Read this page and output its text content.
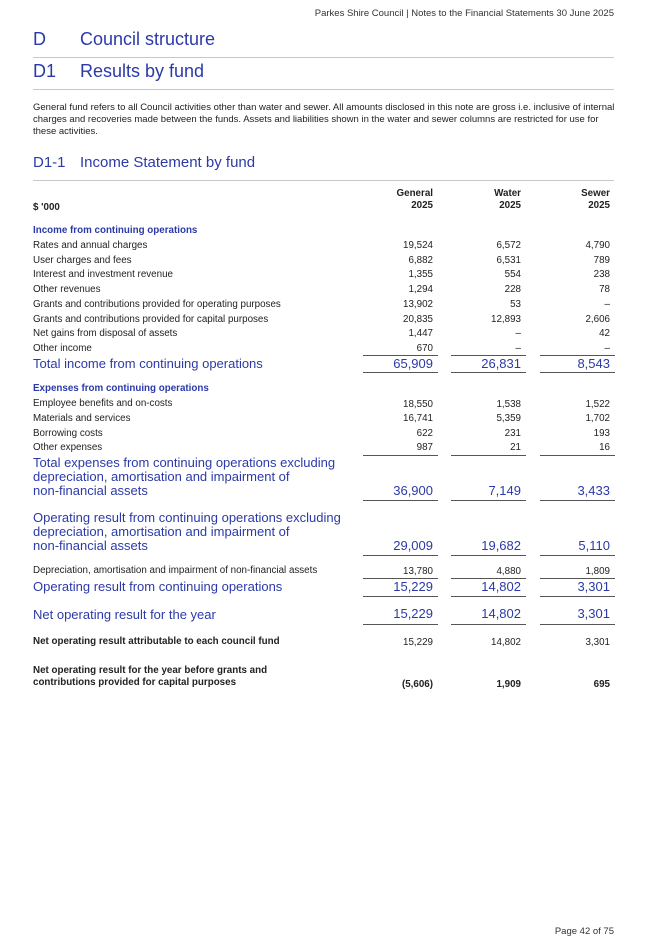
Parkes Shire Council | Notes to the Financial Statements 30 June 2025
D Council structure
D1 Results by fund
General fund refers to all Council activities other than water and sewer. All amounts disclosed in this note are gross i.e. inclusive of internal charges and recoveries made between the funds. Assets and liabilities shown in the water and sewer columns are restricted for use for these activities.
D1-1 Income Statement by fund
$ '000
General
2025
Water
2025
Sewer
2025
Income from continuing operations
Rates and annual charges	19,524	6,572	4,790
User charges and fees	6,882	6,531	789
Interest and investment revenue	1,355	554	238
Other revenues	1,294	228	78
Grants and contributions provided for operating purposes	13,902	53	–
Grants and contributions provided for capital purposes	20,835	12,893	2,606
Net gains from disposal of assets	1,447	–	42
Other income	670	–	–
Total income from continuing operations	65,909	26,831	8,543
Expenses from continuing operations
Employee benefits and on-costs	18,550	1,538	1,522
Materials and services	16,741	5,359	1,702
Borrowing costs	622	231	193
Other expenses	987	21	16
Total expenses from continuing operations excluding
depreciation, amortisation and impairment of
non-financial assets	36,900	7,149	3,433
Operating result from continuing operations excluding
depreciation, amortisation and impairment of
non-financial assets	29,009	19,682	5,110
Depreciation, amortisation and impairment of non-financial assets	13,780	4,880	1,809
Operating result from continuing operations	15,229	14,802	3,301
Net operating result for the year	15,229	14,802	3,301
Net operating result attributable to each council fund	15,229	14,802	3,301
Net operating result for the year before grants and
contributions provided for capital purposes	(5,606)	1,909	695
Page 42 of 75
